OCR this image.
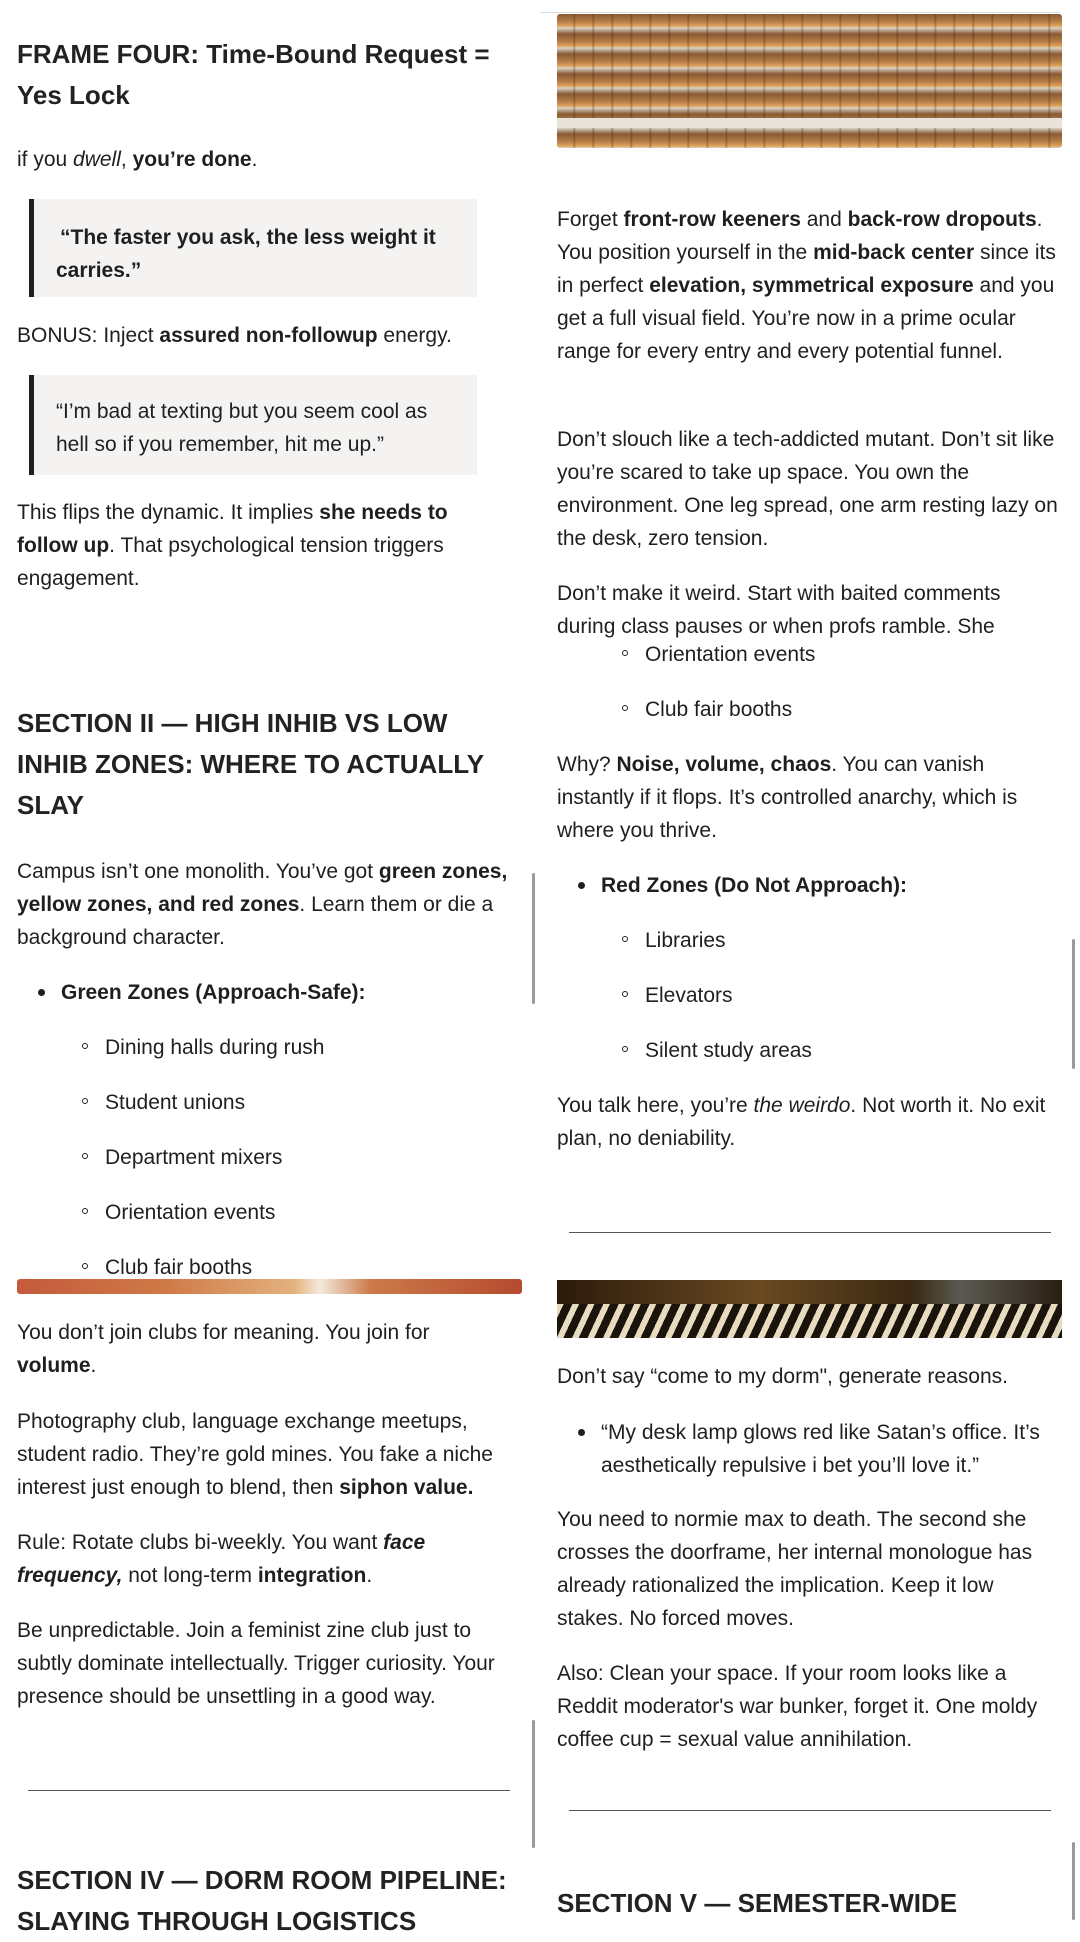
FRAME FOUR: Time-Bound Request = Yes Lock

if you dwell, you’re done.

“The faster you ask, the less weight it carries.”

BONUS: Inject assured non-followup energy.

“I’m bad at texting but you seem cool as hell so if you remember, hit me up.”

This flips the dynamic. It implies she needs to follow up. That psychological tension triggers engagement.

SECTION II — HIGH INHIB VS LOW INHIB ZONES: WHERE TO ACTUALLY SLAY

Campus isn’t one monolith. You’ve got green zones, yellow zones, and red zones. Learn them or die a background character.

Green Zones (Approach-Safe):
Dining halls during rush
Student unions
Department mixers
Orientation events
Club fair booths

You don’t join clubs for meaning. You join for volume.

Photography club, language exchange meetups, student radio. They’re gold mines. You fake a niche interest just enough to blend, then siphon value.

Rule: Rotate clubs bi-weekly. You want face frequency, not long-term integration.

Be unpredictable. Join a feminist zine club just to subtly dominate intellectually. Trigger curiosity. Your presence should be unsettling in a good way.

SECTION IV — DORM ROOM PIPELINE: SLAYING THROUGH LOGISTICS

Forget front-row keeners and back-row dropouts. You position yourself in the mid-back center since its in perfect elevation, symmetrical exposure and you get a full visual field. You’re now in a prime ocular range for every entry and every potential funnel.

Don’t slouch like a tech-addicted mutant. Don’t sit like you’re scared to take up space. You own the environment. One leg spread, one arm resting lazy on the desk, zero tension.

Don’t make it weird. Start with baited comments during class pauses or when profs ramble. She

Orientation events
Club fair booths

Why? Noise, volume, chaos. You can vanish instantly if it flops. It’s controlled anarchy, which is where you thrive.

Red Zones (Do Not Approach):
Libraries
Elevators
Silent study areas

You talk here, you’re the weirdo. Not worth it. No exit plan, no deniability.

Don’t say “come to my dorm", generate reasons.

“My desk lamp glows red like Satan’s office. It’s aesthetically repulsive i bet you’ll love it.”

You need to normie max to death. The second she crosses the doorframe, her internal monologue has already rationalized the implication. Keep it low stakes. No forced moves.

Also: Clean your space. If your room looks like a Reddit moderator's war bunker, forget it. One moldy coffee cup = sexual value annihilation.

SECTION V — SEMESTER-WIDE
